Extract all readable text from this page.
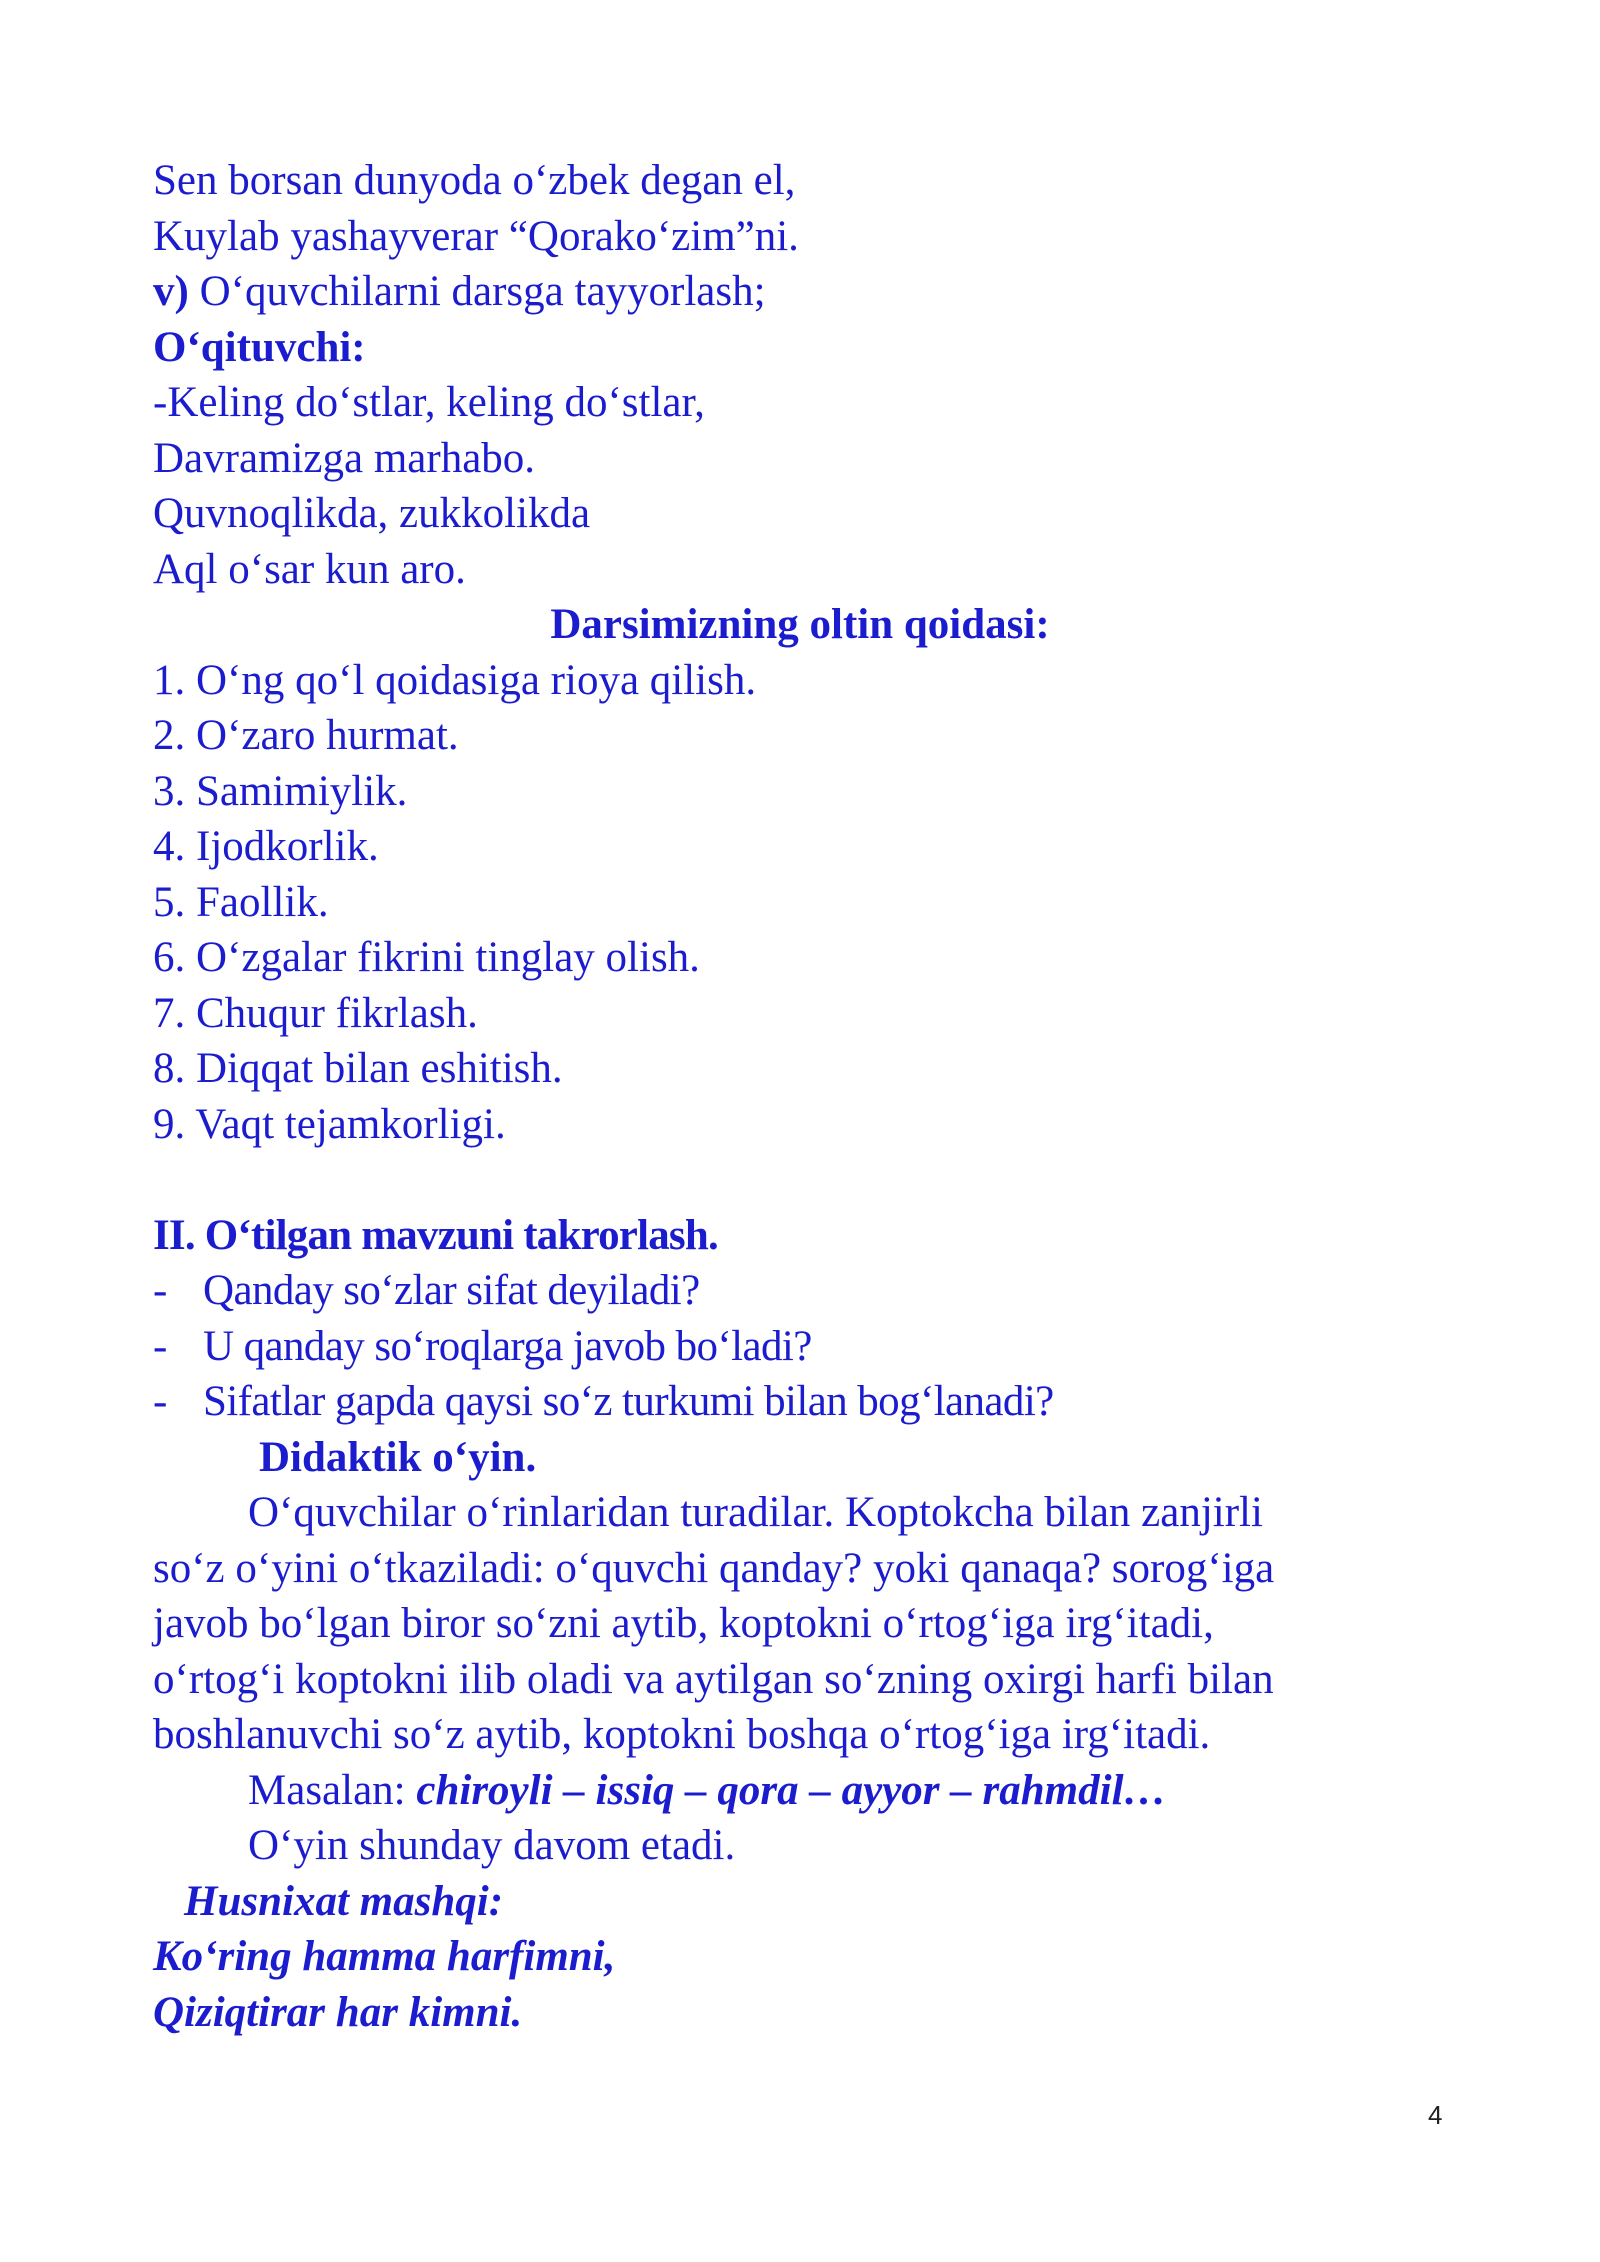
Sen borsan dunyoda o‘zbek degan el,
Kuylab yashayverar “Qorako‘zim”ni.
v) O‘quvchilarni darsga tayyorlash;
O‘qituvchi:
-Keling do‘stlar, keling do‘stlar,
Davramizga marhabo.
Quvnoqlikda, zukkolikda
Aql o‘sar kun aro.
Darsimizning oltin qoidasi:
1. O‘ng qo‘l qoidasiga rioya qilish.
2. O‘zaro hurmat.
3. Samimiylik.
4. Ijodkorlik.
5. Faollik.
6. O‘zgalar fikrini tinglay olish.
7. Chuqur fikrlash.
8. Diqqat bilan eshitish.
9. Vaqt tejamkorligi.
II. O‘tilgan mavzuni takrorlash.
- Qanday so‘zlar sifat deyiladi?
- U qanday so‘roqlarga javob bo‘ladi?
- Sifatlar gapda qaysi so‘z turkumi bilan bog‘lanadi?
Didaktik o‘yin.
O‘quvchilar o‘rinlaridan turadilar. Koptokcha bilan zanjirli
so‘z o‘yini o‘tkaziladi: o‘quvchi qanday? yoki qanaqa? sorog‘iga
javob bo‘lgan biror so‘zni aytib, koptokni o‘rtog‘iga irg‘itadi,
o‘rtog‘i koptokni ilib oladi va aytilgan so‘zning oxirgi harfi bilan
boshlanuvchi so‘z aytib, koptokni boshqa o‘rtog‘iga irg‘itadi.
Masalan: chiroyli – issiq – qora – ayyor – rahmdil…
O‘yin shunday davom etadi.
Husnixat mashqi:
Ko‘ring hamma harfimni,
Qiziqtirar har kimni.
4
